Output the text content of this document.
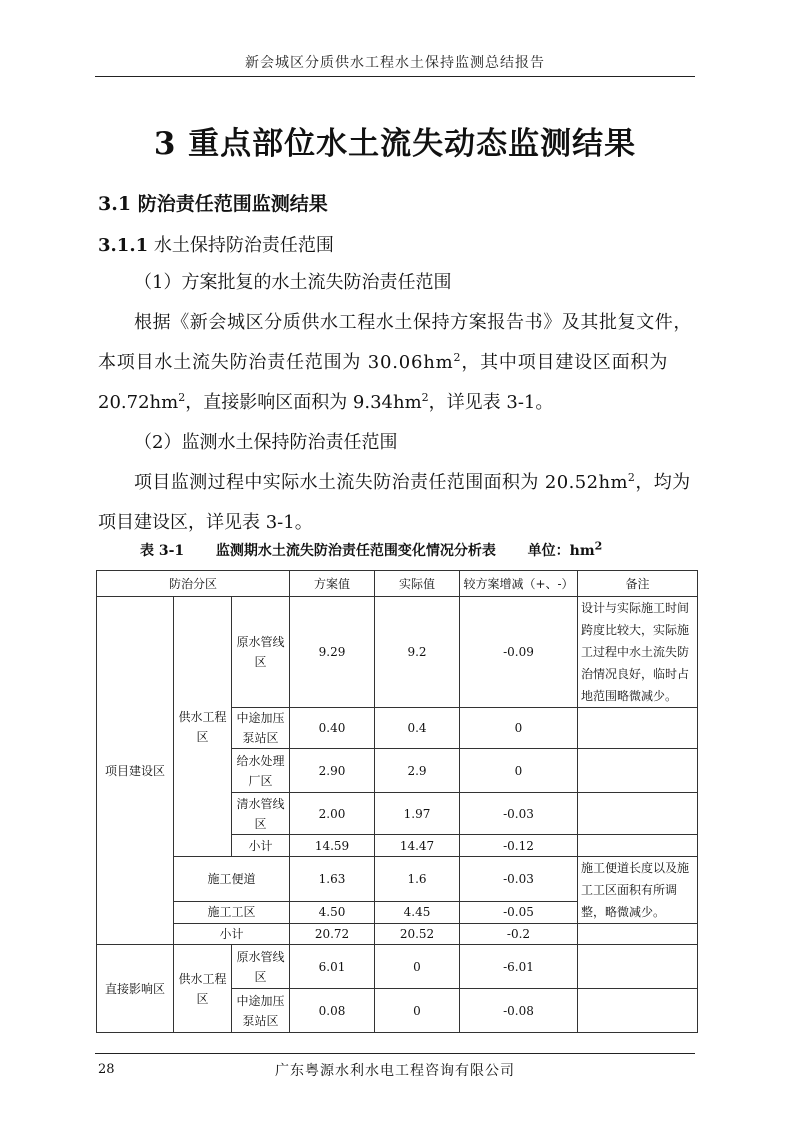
新会城区分质供水工程水土保持监测总结报告
3 重点部位水土流失动态监测结果
3.1 防治责任范围监测结果
3.1.1 水土保持防治责任范围
（1）方案批复的水土流失防治责任范围
根据《新会城区分质供水工程水土保持方案报告书》及其批复文件，
本项目水土流失防治责任范围为 $30.06hm^2$，其中项目建设区面积为
$20.72hm^2$，直接影响区面积为 $9.34hm^2$，详见表 3-1。
（2）监测水土保持防治责任范围
项目监测过程中实际水土流失防治责任范围面积为 $20.52hm^2$，均为
项目建设区，详见表 3-1。
表 3-1 监测期水土流失防治责任范围变化情况分析表 单位：$hm^2$
防治分区			方案值	实际值	较方案增减（+、-）	备注
项目建设区	供水工程区	原水管线区	9.29	9.2	-0.09	设计与实际施工时间跨度比较大，实际施工过程中水土流失防治情况良好，临时占地范围略微减少。
		中途加压泵站区	0.40	0.4	0	
		给水处理厂区	2.90	2.9	0	
		清水管线区	2.00	1.97	-0.03	
		小计	14.59	14.47	-0.12	
	施工便道		1.63	1.6	-0.03	施工便道长度以及施工工区面积有所调整，略微减少。
	施工工区		4.50	4.45	-0.05	
	小计		20.72	20.52	-0.2	
直接影响区	供水工程区	原水管线区	6.01	0	-6.01	
		中途加压泵站区	0.08	0	-0.08	
28	广东粤源水利水电工程咨询有限公司
